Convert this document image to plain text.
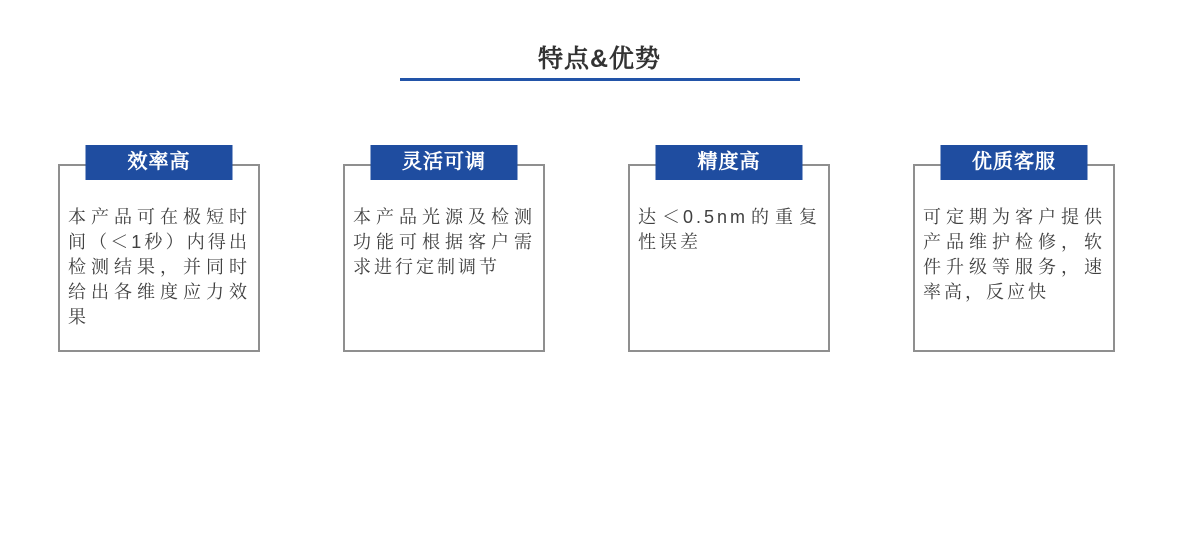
特点&优势
效率高
本产品可在极短时间（＜1秒）内得出检测结果，并同时给出各维度应力效果
灵活可调
本产品光源及检测功能可根据客户需求进行定制调节
精度高
达＜0.5nm的重复性误差
优质客服
可定期为客户提供产品维护检修，软件升级等服务，速率高，反应快
